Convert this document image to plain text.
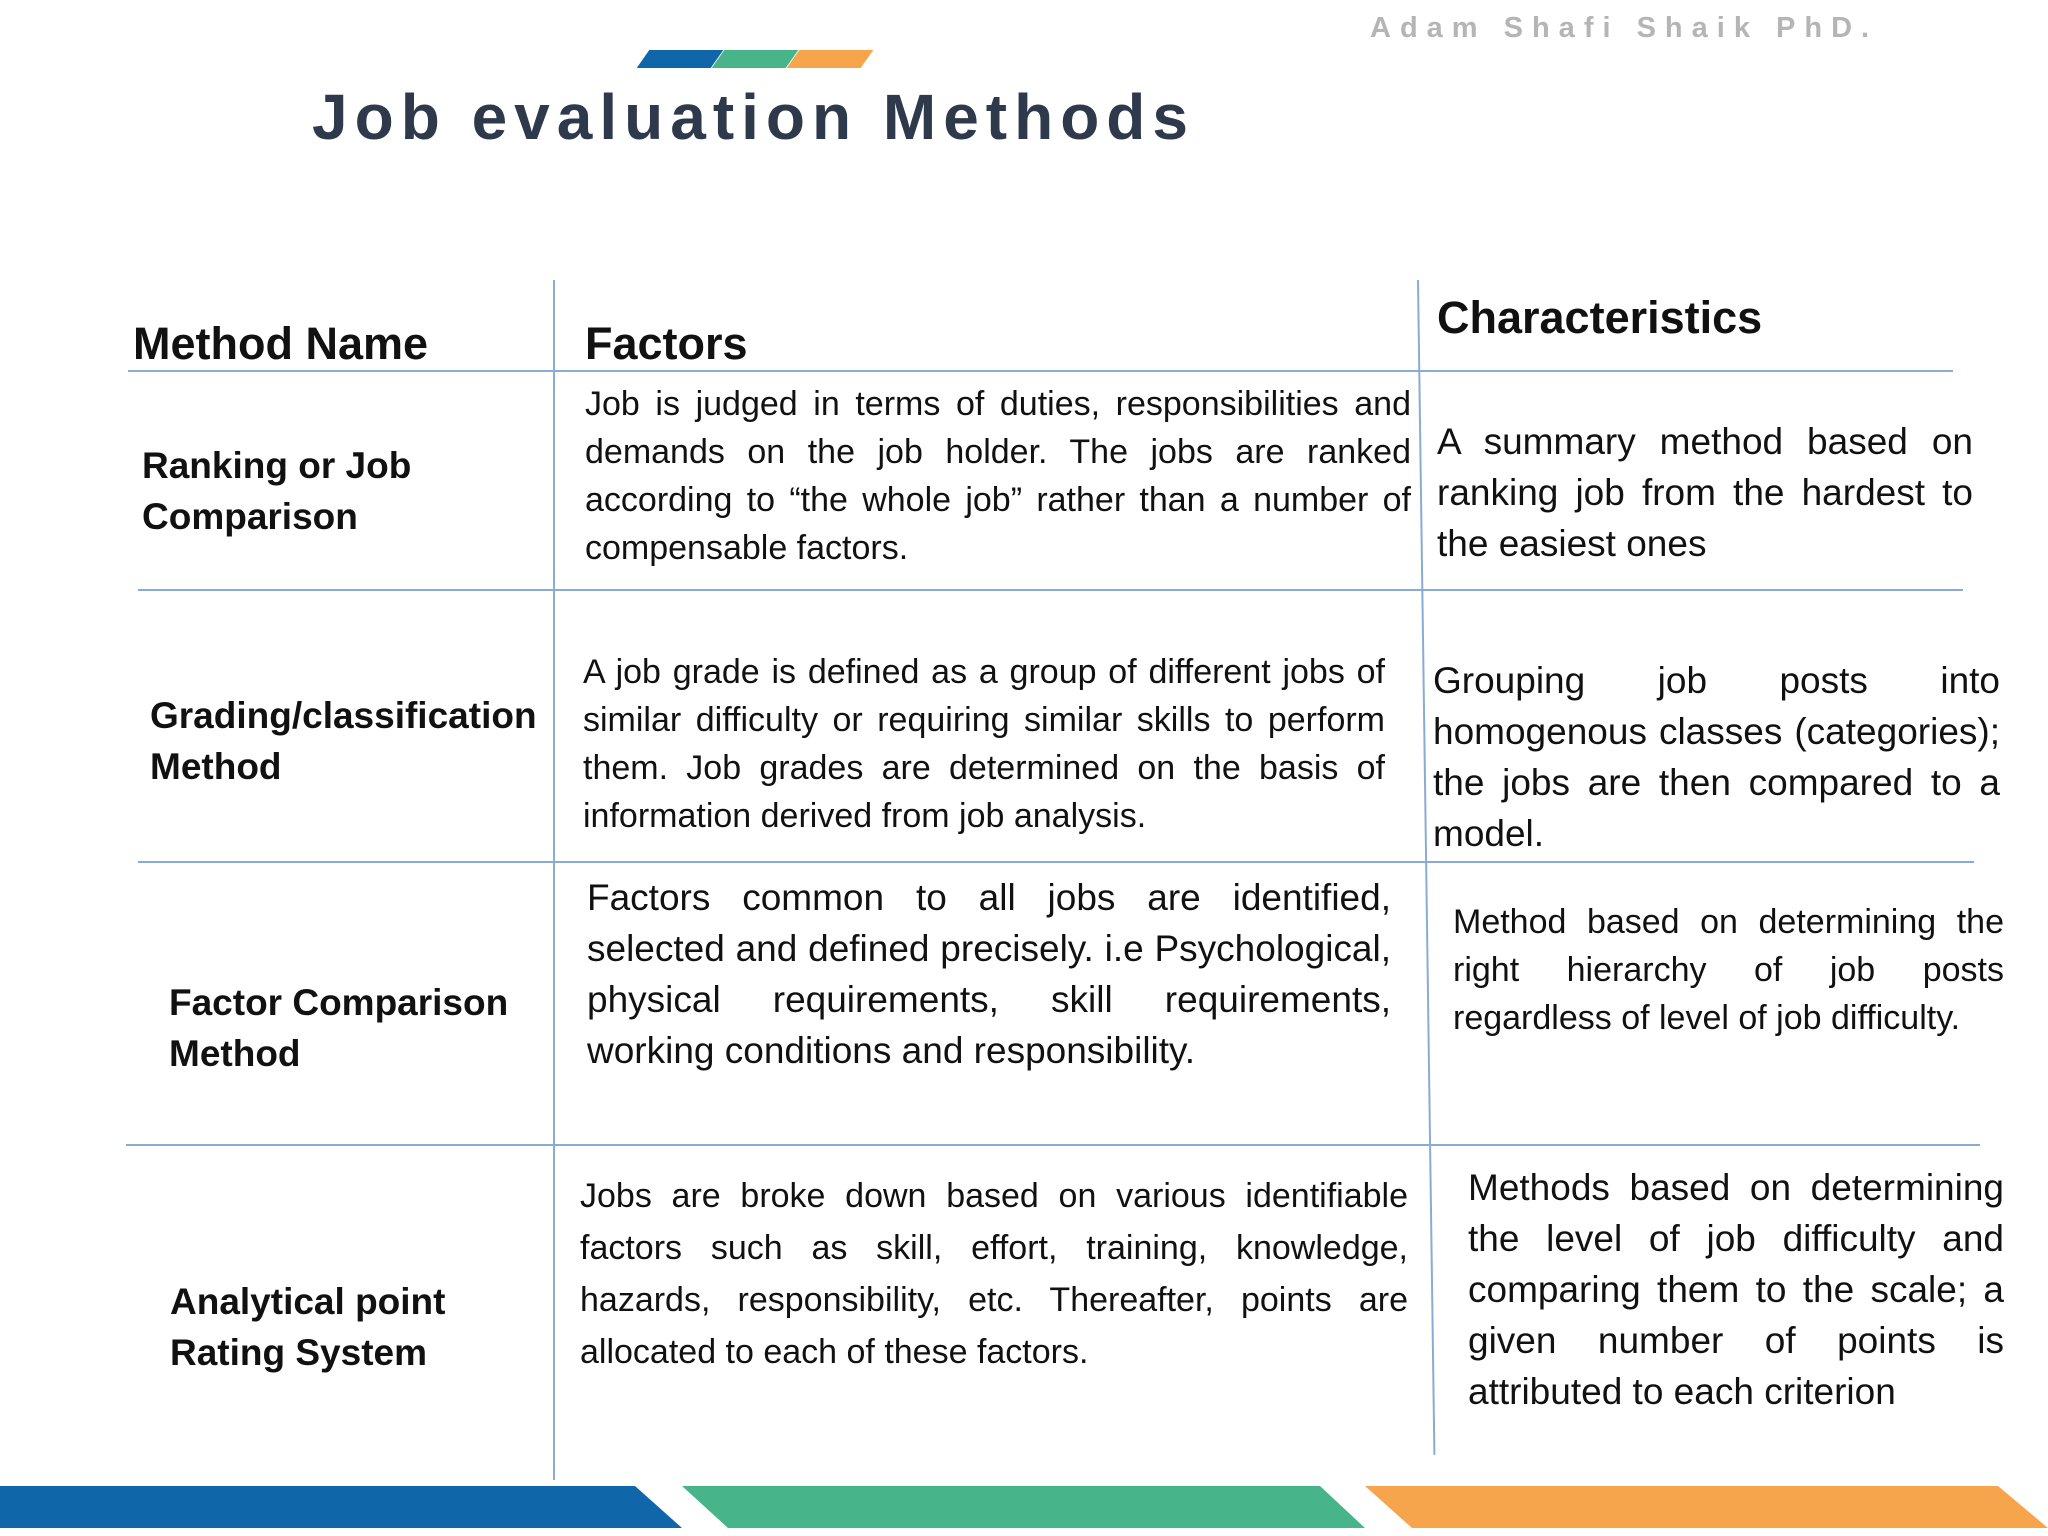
Adam Shafi Shaik PhD.
Job evaluation Methods
Method Name	Factors
Characteristics
Ranking or Job Comparison
Job is judged in terms of duties, responsibilities and demands on the job holder. The jobs are ranked according to “the whole job” rather than a number of compensable factors.
A summary method based on ranking job from the hardest to the easiest ones
Grading/classification Method
A job grade is defined as a group of different jobs of similar difficulty or requiring similar skills to perform them. Job grades are determined on the basis of information derived from job analysis.
Grouping job posts into homogenous classes (categories); the jobs are then compared to a model.
Factor Comparison Method
Factors common to all jobs are identified, selected and defined precisely. i.e Psychological, physical requirements, skill requirements, working conditions and responsibility.
Method based on determining the right hierarchy of job posts regardless of level of job difficulty.
Analytical point Rating System
Jobs are broke down based on various identifiable factors such as skill, effort, training, knowledge, hazards, responsibility, etc. Thereafter, points are allocated to each of these factors.
Methods based on determining the level of job difficulty and comparing them to the scale; a given number of points is attributed to each criterion
